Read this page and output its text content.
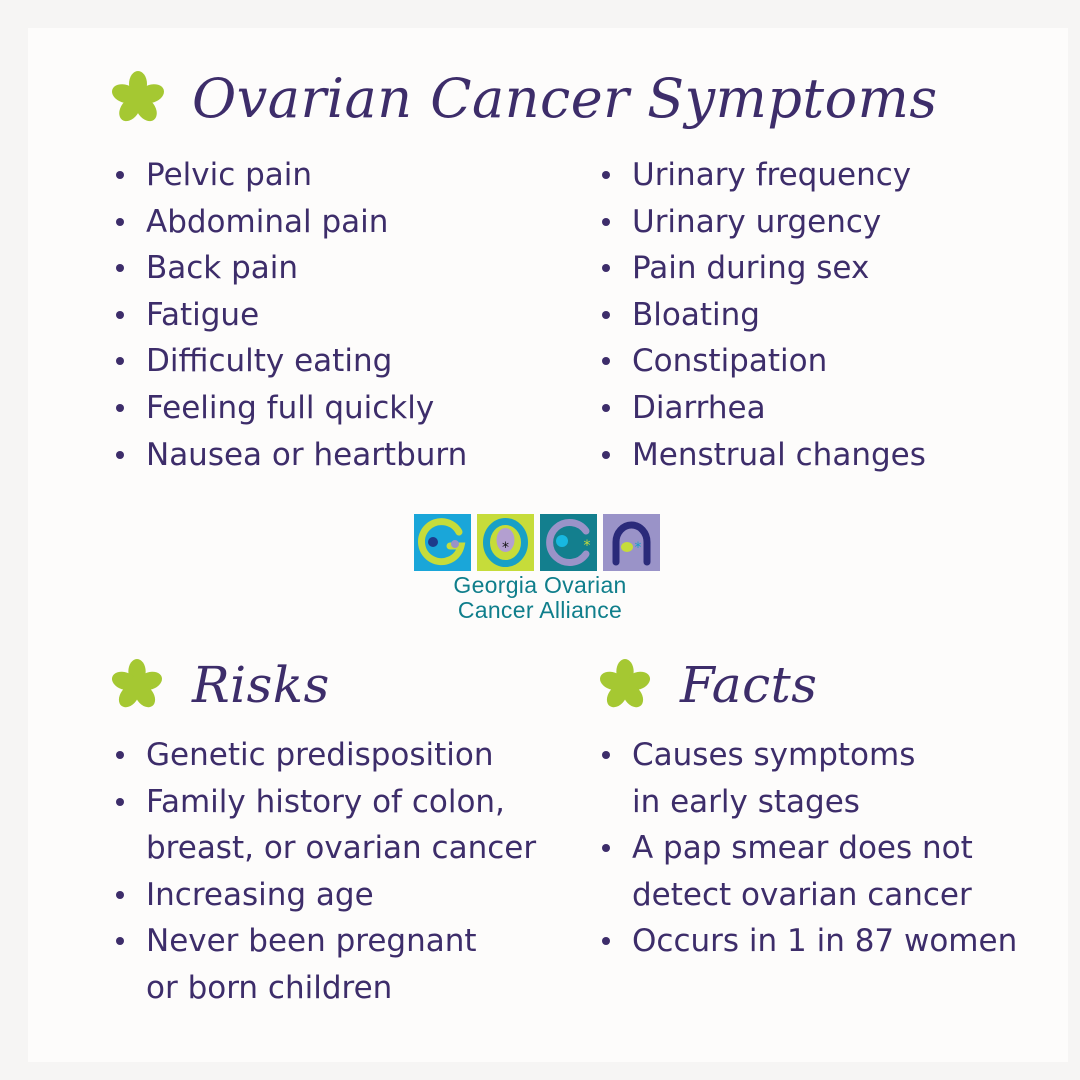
Ovarian Cancer Symptoms
Pelvic pain
Abdominal pain
Back pain
Fatigue
Difficulty eating
Feeling full quickly
Nausea or heartburn
Urinary frequency
Urinary urgency
Pain during sex
Bloating
Constipation
Diarrhea
Menstrual changes
*	*	*
Georgia Ovarian
Cancer Alliance
Risks
Genetic predisposition
Family history of colon,
breast, or ovarian cancer
Increasing age
Never been pregnant
or born children
Facts
Causes symptoms
in early stages
A pap smear does not
detect ovarian cancer
Occurs in 1 in 87 women
